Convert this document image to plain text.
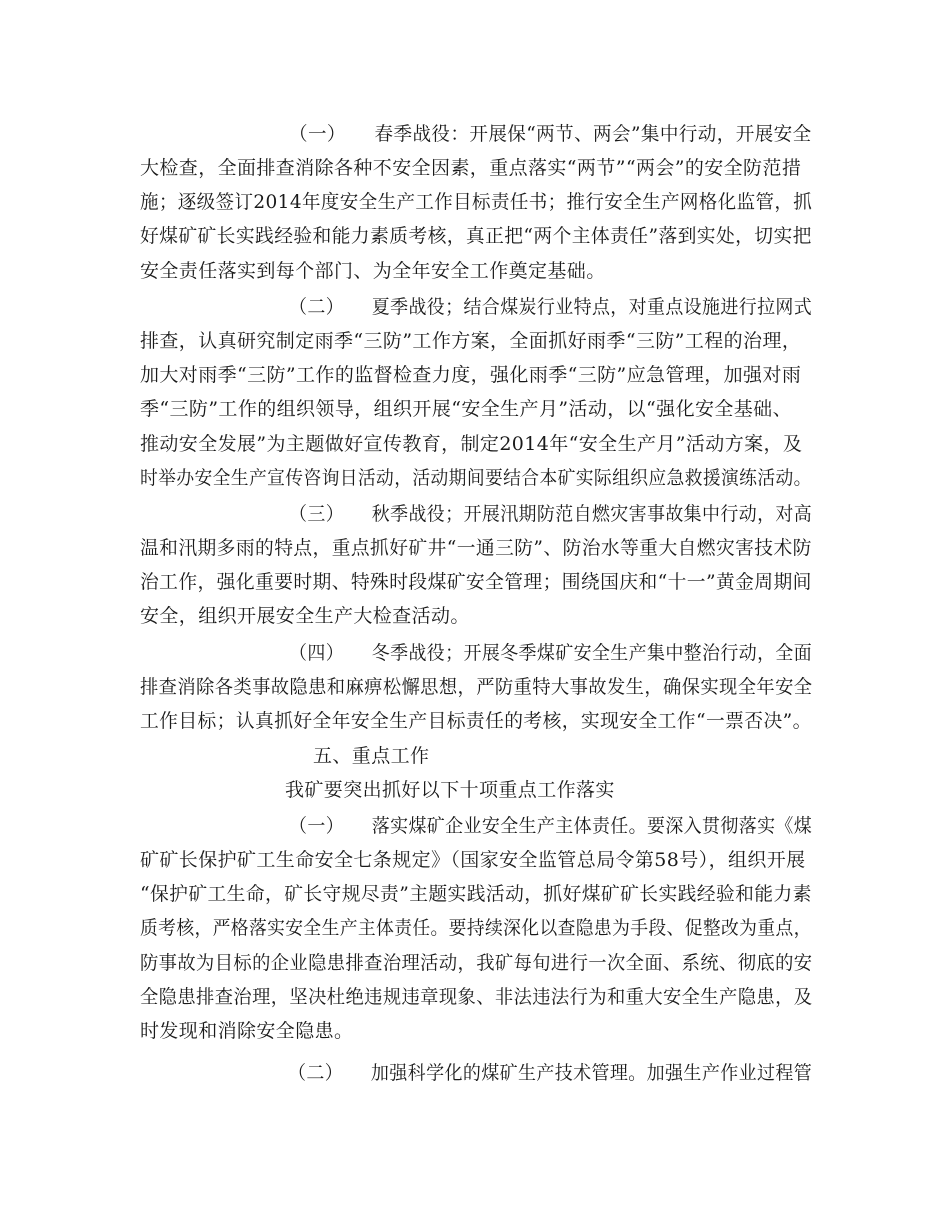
（一）　　春季战役：开展保“两节、两会”集中行动，开展安全
大检查，全面排查消除各种不安全因素，重点落实“两节”“两会”的安全防范措
施；逐级签订2014年度安全生产工作目标责任书；推行安全生产网格化监管，抓
好煤矿矿长实践经验和能力素质考核，真正把“两个主体责任”落到实处，切实把
安全责任落实到每个部门、为全年安全工作奠定基础。
（二）　　夏季战役；结合煤炭行业特点，对重点设施进行拉网式
排查，认真研究制定雨季“三防”工作方案，全面抓好雨季“三防”工程的治理，
加大对雨季“三防”工作的监督检查力度，强化雨季“三防”应急管理，加强对雨
季“三防”工作的组织领导，组织开展“安全生产月”活动，以“强化安全基础、
推动安全发展”为主题做好宣传教育，制定2014年“安全生产月”活动方案，及
时举办安全生产宣传咨询日活动，活动期间要结合本矿实际组织应急救援演练活动。
（三）　　秋季战役；开展汛期防范自燃灾害事故集中行动，对高
温和汛期多雨的特点，重点抓好矿井“一通三防”、防治水等重大自燃灾害技术防
治工作，强化重要时期、特殊时段煤矿安全管理；围绕国庆和“十一”黄金周期间
安全，组织开展安全生产大检查活动。
（四）　　冬季战役；开展冬季煤矿安全生产集中整治行动，全面
排查消除各类事故隐患和麻痹松懈思想，严防重特大事故发生，确保实现全年安全
工作目标；认真抓好全年安全生产目标责任的考核，实现安全工作“一票否决”。
五、重点工作
我矿要突出抓好以下十项重点工作落实
（一）　　落实煤矿企业安全生产主体责任。要深入贯彻落实《煤
矿矿长保护矿工生命安全七条规定》（国家安全监管总局令第58号），组织开展
“保护矿工生命，矿长守规尽责”主题实践活动，抓好煤矿矿长实践经验和能力素
质考核，严格落实安全生产主体责任。要持续深化以查隐患为手段、促整改为重点，
防事故为目标的企业隐患排查治理活动，我矿每旬进行一次全面、系统、彻底的安
全隐患排查治理，坚决杜绝违规违章现象、非法违法行为和重大安全生产隐患，及
时发现和消除安全隐患。
（二）　　加强科学化的煤矿生产技术管理。加强生产作业过程管
